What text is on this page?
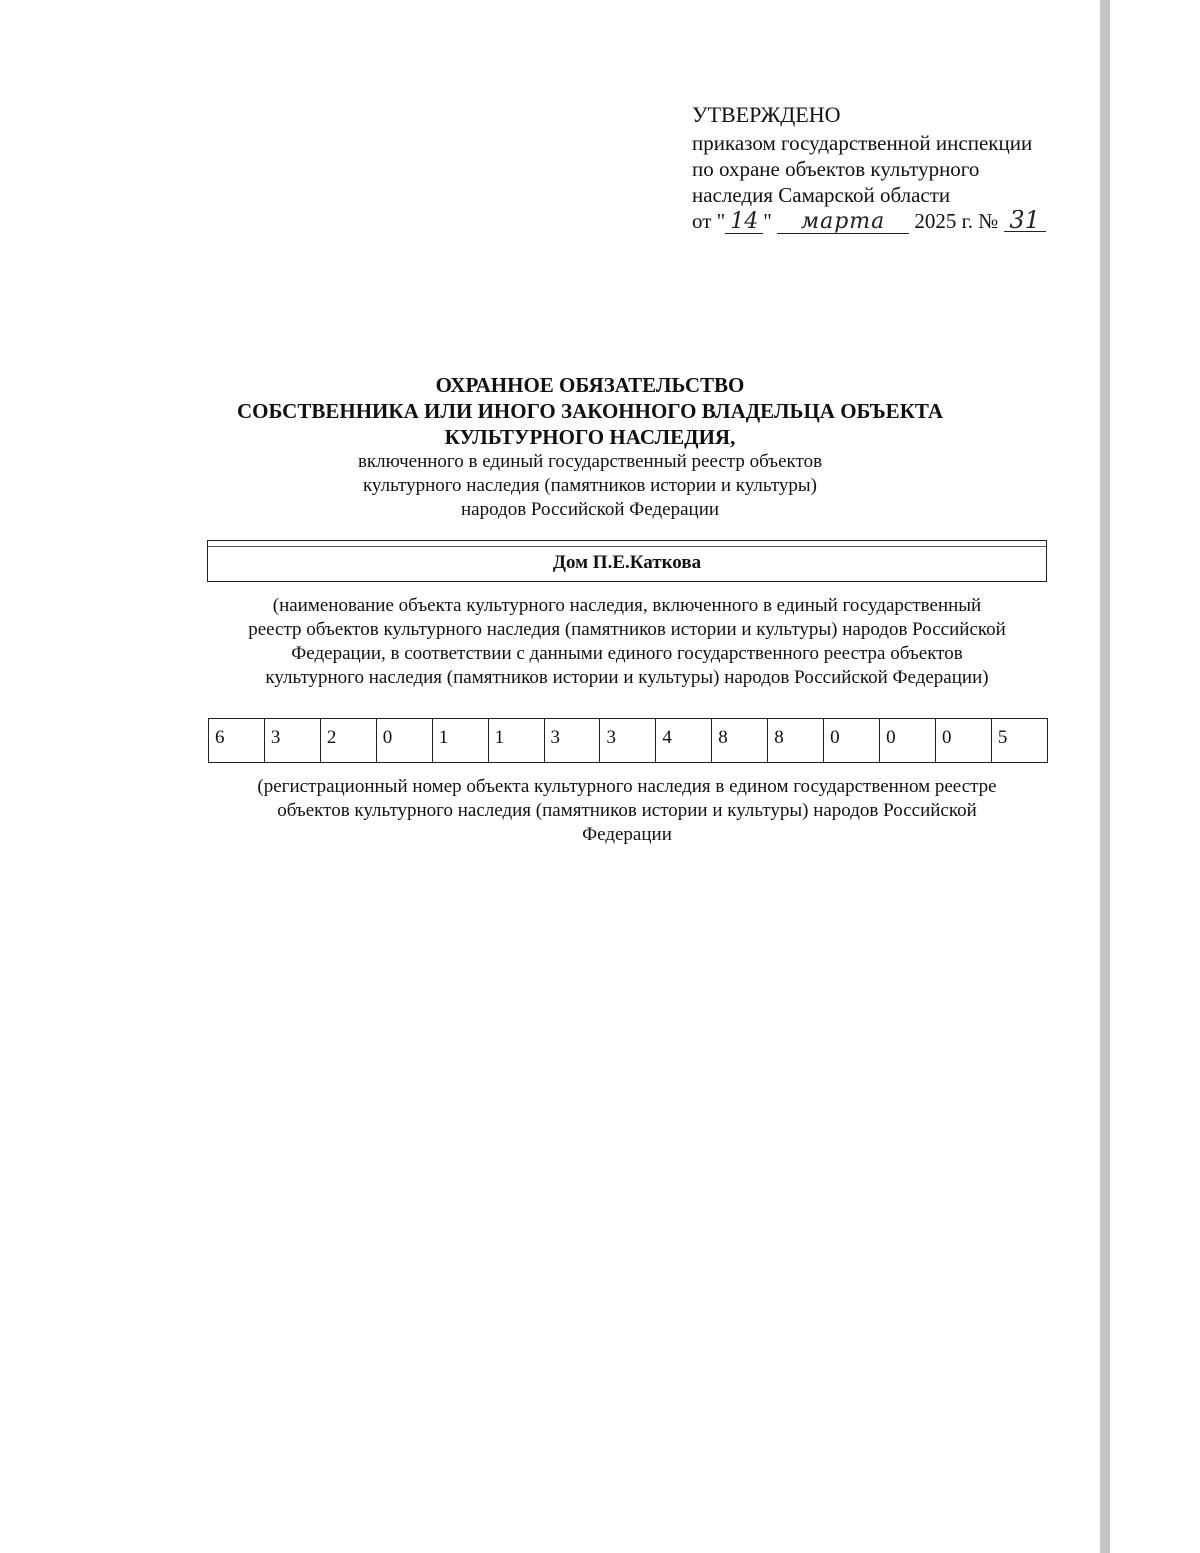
УТВЕРЖДЕНО
приказом государственной инспекции
по охране объектов культурного
наследия Самарской области
от " 14 " марта 2025 г. № 31
ОХРАННОЕ ОБЯЗАТЕЛЬСТВО
СОБСТВЕННИКА ИЛИ ИНОГО ЗАКОННОГО ВЛАДЕЛЬЦА ОБЪЕКТА
КУЛЬТУРНОГО НАСЛЕДИЯ,
включенного в единый государственный реестр объектов
культурного наследия (памятников истории и культуры)
народов Российской Федерации
Дом П.Е.Каткова
(наименование объекта культурного наследия, включенного в единый государственный
реестр объектов культурного наследия (памятников истории и культуры) народов Российской
Федерации, в соответствии с данными единого государственного реестра объектов
культурного наследия (памятников истории и культуры) народов Российской Федерации)
6	3	2	0	1	1	3	3	4	8	8	0	0	0	5
(регистрационный номер объекта культурного наследия в едином государственном реестре
объектов культурного наследия (памятников истории и культуры) народов Российской
Федерации
